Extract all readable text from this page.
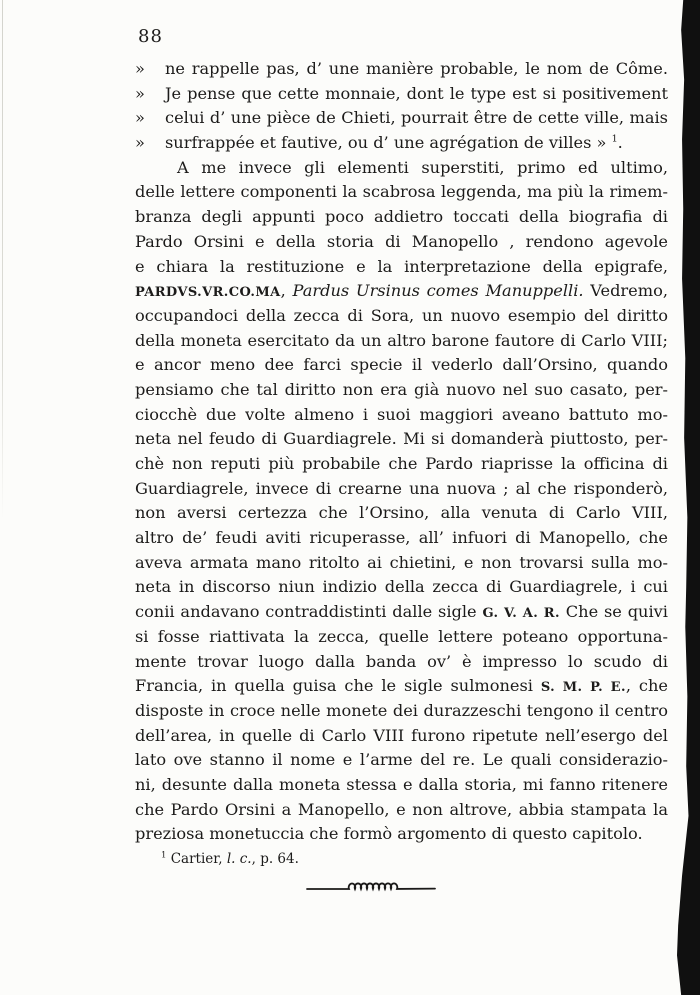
88
»	ne rappelle pas, d’ une manière probable, le nom de Côme.
»	Je pense que cette monnaie, dont le type est si positivement
»	celui d’ une pièce de Chieti, pourrait être de cette ville, mais
»	surfrappée et fautive, ou d’ une agrégation de villes » $^1$.
A me invece gli elementi superstiti, primo ed ultimo,
delle lettere componenti la scabrosa leggenda, ma più la rimem-
branza degli appunti poco addietro toccati della biografia di
Pardo Orsini e della storia di Manopello , rendono agevole
e chiara la restituzione e la interpretazione della epigrafe,
PARDVS.VR.CO.MA, Pardus Ursinus comes Manuppelli. Vedremo,
occupandoci della zecca di Sora, un nuovo esempio del diritto
della moneta esercitato da un altro barone fautore di Carlo VIII;
e ancor meno dee farci specie il vederlo dall’Orsino, quando
pensiamo che tal diritto non era già nuovo nel suo casato, per-
ciocchè due volte almeno i suoi maggiori aveano battuto mo-
neta nel feudo di Guardiagrele. Mi si domanderà piuttosto, per-
chè non reputi più probabile che Pardo riaprisse la officina di
Guardiagrele, invece di crearne una nuova ; al che risponderò,
non aversi certezza che l’Orsino, alla venuta di Carlo VIII,
altro de’ feudi aviti ricuperasse, all’ infuori di Manopello, che
aveva armata mano ritolto ai chietini, e non trovarsi sulla mo-
neta in discorso niun indizio della zecca di Guardiagrele, i cui
conii andavano contraddistinti dalle sigle G. V. A. R. Che se quivi
si fosse riattivata la zecca, quelle lettere poteano opportuna-
mente trovar luogo dalla banda ov’ è impresso lo scudo di
Francia, in quella guisa che le sigle sulmonesi S. M. P. E., che
disposte in croce nelle monete dei durazzeschi tengono il centro
dell’area, in quelle di Carlo VIII furono ripetute nell’esergo del
lato ove stanno il nome e l’arme del re. Le quali considerazio-
ni, desunte dalla moneta stessa e dalla storia, mi fanno ritenere
che Pardo Orsini a Manopello, e non altrove, abbia stampata la
preziosa monetuccia che formò argomento di questo capitolo.
$^1$ Cartier, l. c., p. 64.
